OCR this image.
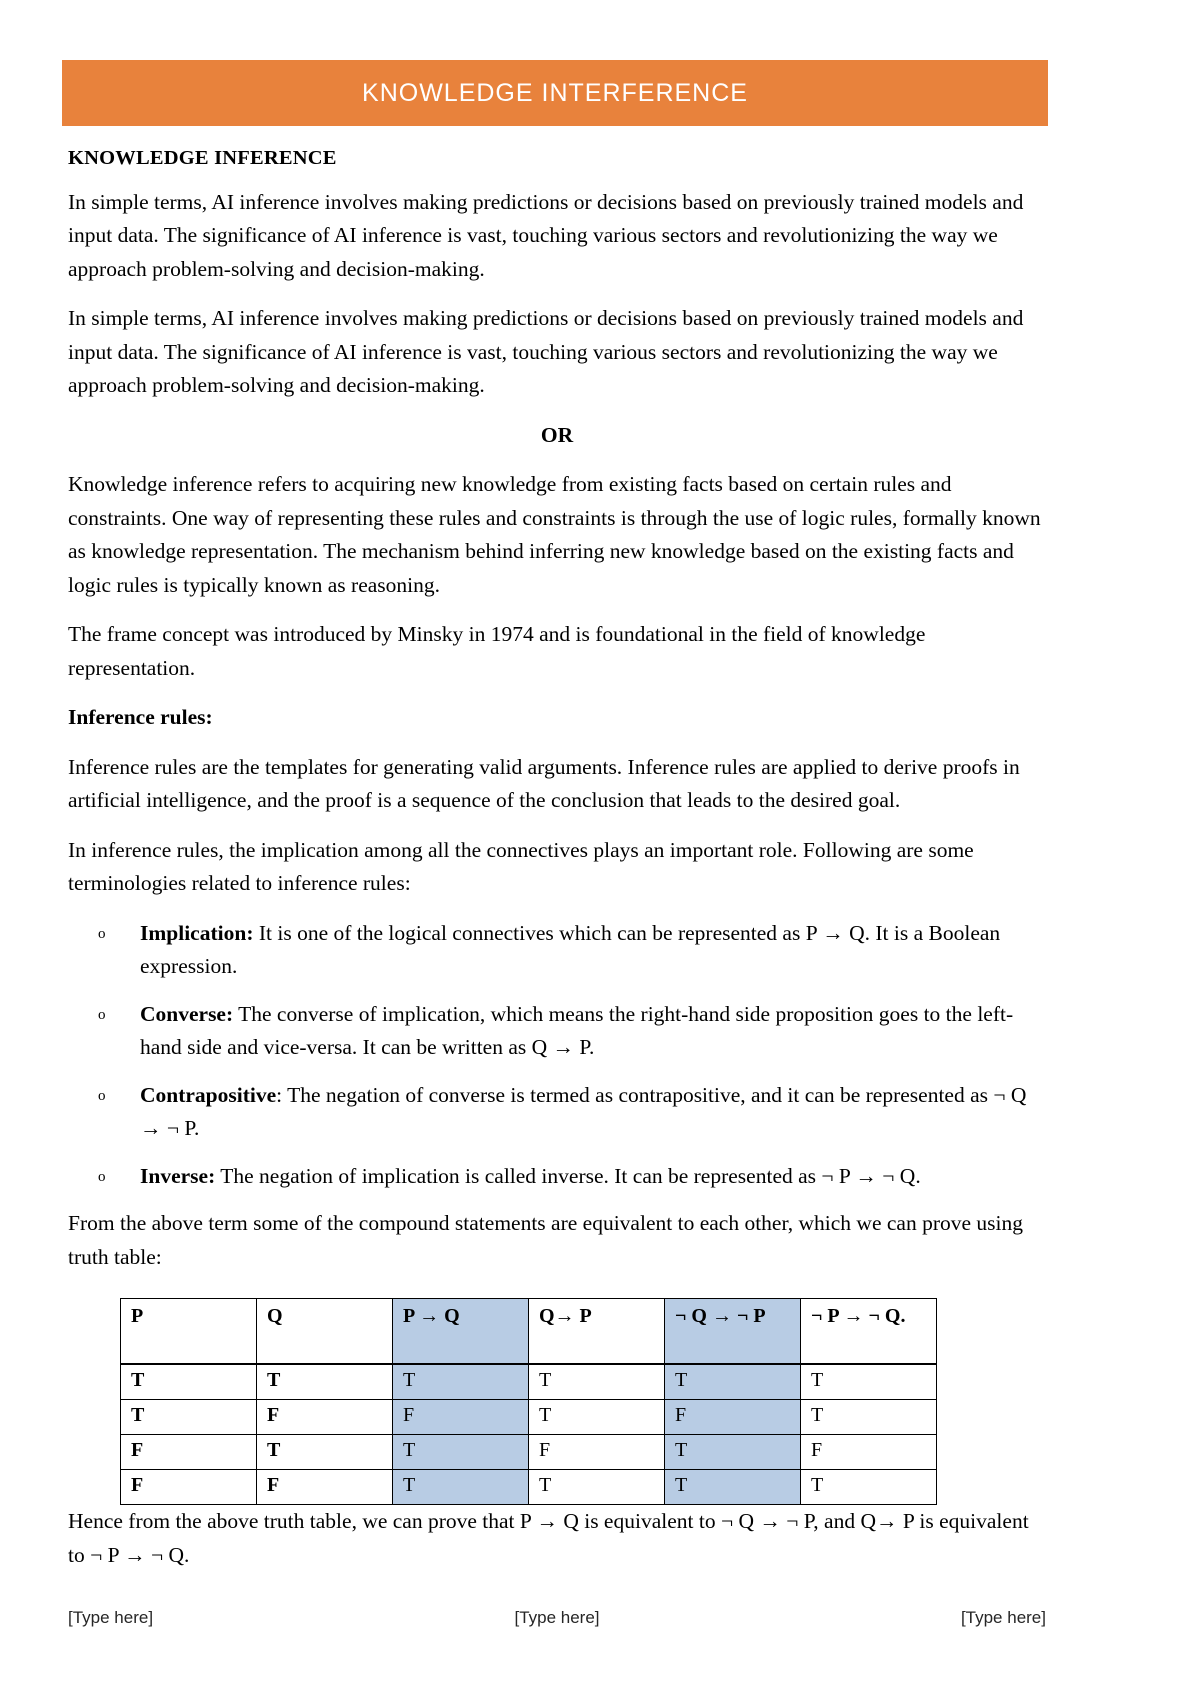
KNOWLEDGE INTERFERENCE
KNOWLEDGE INFERENCE

In simple terms, AI inference involves making predictions or decisions based on previously trained models and input data. The significance of AI inference is vast, touching various sectors and revolutionizing the way we approach problem-solving and decision-making.

In simple terms, AI inference involves making predictions or decisions based on previously trained models and input data. The significance of AI inference is vast, touching various sectors and revolutionizing the way we approach problem-solving and decision-making.

OR

Knowledge inference refers to acquiring new knowledge from existing facts based on certain rules and constraints. One way of representing these rules and constraints is through the use of logic rules, formally known as knowledge representation. The mechanism behind inferring new knowledge based on the existing facts and logic rules is typically known as reasoning.

The frame concept was introduced by Minsky in 1974 and is foundational in the field of knowledge representation.

Inference rules:

Inference rules are the templates for generating valid arguments. Inference rules are applied to derive proofs in artificial intelligence, and the proof is a sequence of the conclusion that leads to the desired goal.

In inference rules, the implication among all the connectives plays an important role. Following are some terminologies related to inference rules:

o Implication: It is one of the logical connectives which can be represented as P → Q. It is a Boolean expression.
o Converse: The converse of implication, which means the right-hand side proposition goes to the left-hand side and vice-versa. It can be written as Q → P.
o Contrapositive: The negation of converse is termed as contrapositive, and it can be represented as ¬ Q → ¬ P.
o Inverse: The negation of implication is called inverse. It can be represented as ¬ P → ¬ Q.

From the above term some of the compound statements are equivalent to each other, which we can prove using truth table:

P	Q	P → Q	Q→ P	¬ Q → ¬ P	¬ P → ¬ Q.
T	T	T	T	T	T
T	F	F	T	F	T
F	T	T	F	T	F
F	F	T	T	T	T

Hence from the above truth table, we can prove that P → Q is equivalent to ¬ Q → ¬ P, and Q→ P is equivalent to ¬ P → ¬ Q.

[Type here]	[Type here]	[Type here]
